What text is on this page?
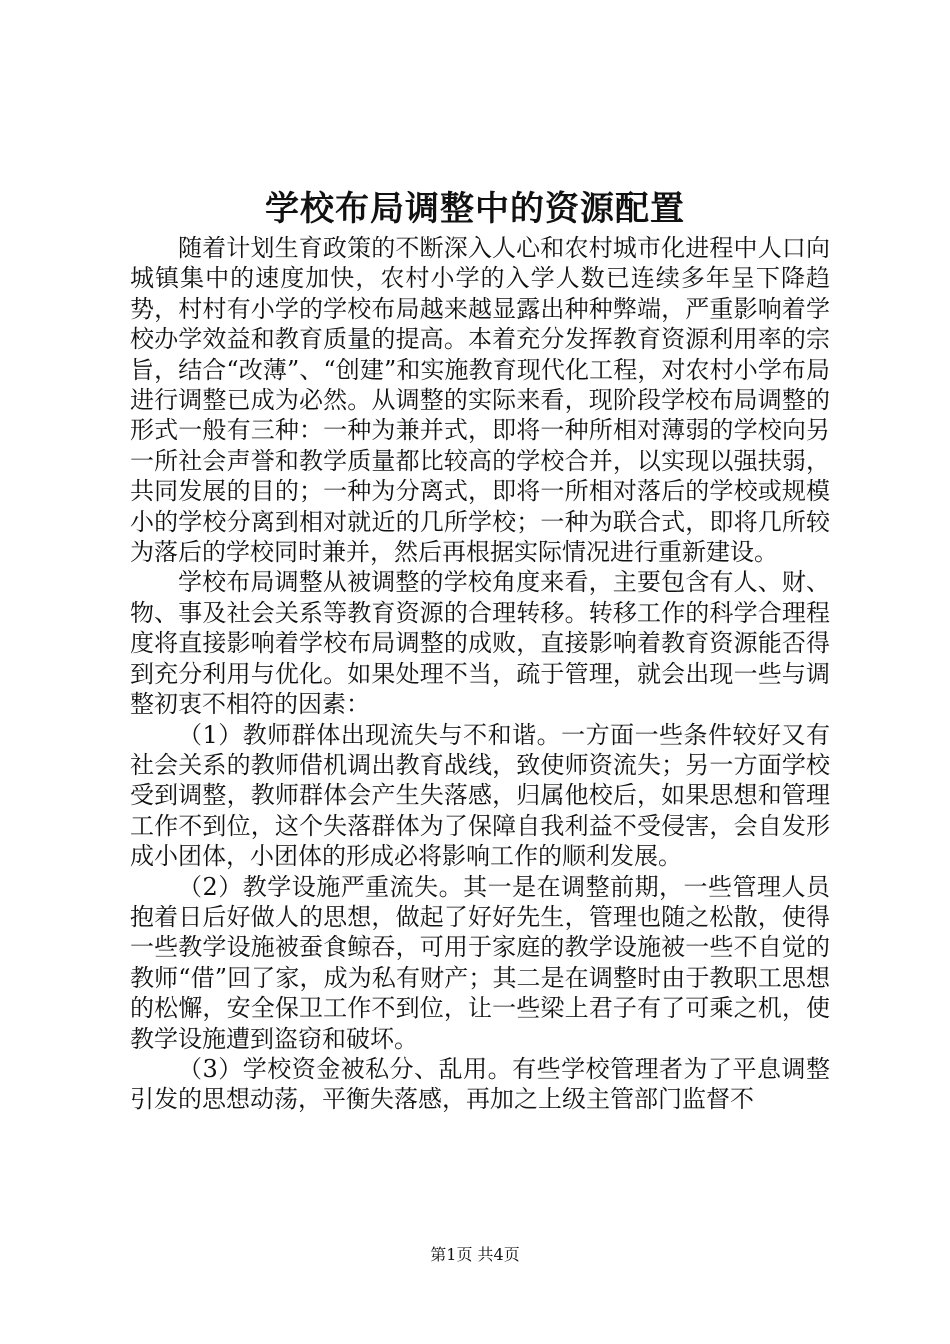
学校布局调整中的资源配置

随着计划生育政策的不断深入人心和农村城市化进程中人口向城镇集中的速度加快，农村小学的入学人数已连续多年呈下降趋势，村村有小学的学校布局越来越显露出种种弊端，严重影响着学校办学效益和教育质量的提高。本着充分发挥教育资源利用率的宗旨，结合“改薄”、“创建”和实施教育现代化工程，对农村小学布局进行调整已成为必然。从调整的实际来看，现阶段学校布局调整的形式一般有三种：一种为兼并式，即将一种所相对薄弱的学校向另一所社会声誉和教学质量都比较高的学校合并，以实现以强扶弱，共同发展的目的；一种为分离式，即将一所相对落后的学校或规模小的学校分离到相对就近的几所学校；一种为联合式，即将几所较为落后的学校同时兼并，然后再根据实际情况进行重新建设。

学校布局调整从被调整的学校角度来看，主要包含有人、财、物、事及社会关系等教育资源的合理转移。转移工作的科学合理程度将直接影响着学校布局调整的成败，直接影响着教育资源能否得到充分利用与优化。如果处理不当，疏于管理，就会出现一些与调整初衷不相符的因素：

（1）教师群体出现流失与不和谐。一方面一些条件较好又有社会关系的教师借机调出教育战线，致使师资流失；另一方面学校受到调整，教师群体会产生失落感，归属他校后，如果思想和管理工作不到位，这个失落群体为了保障自我利益不受侵害，会自发形成小团体，小团体的形成必将影响工作的顺利发展。

（2）教学设施严重流失。其一是在调整前期，一些管理人员抱着日后好做人的思想，做起了好好先生，管理也随之松散，使得一些教学设施被蚕食鲸吞，可用于家庭的教学设施被一些不自觉的教师“借”回了家，成为私有财产；其二是在调整时由于教职工思想的松懈，安全保卫工作不到位，让一些梁上君子有了可乘之机，使教学设施遭到盗窃和破坏。

（3）学校资金被私分、乱用。有些学校管理者为了平息调整引发的思想动荡，平衡失落感，再加之上级主管部门监督不

第1页 共4页
